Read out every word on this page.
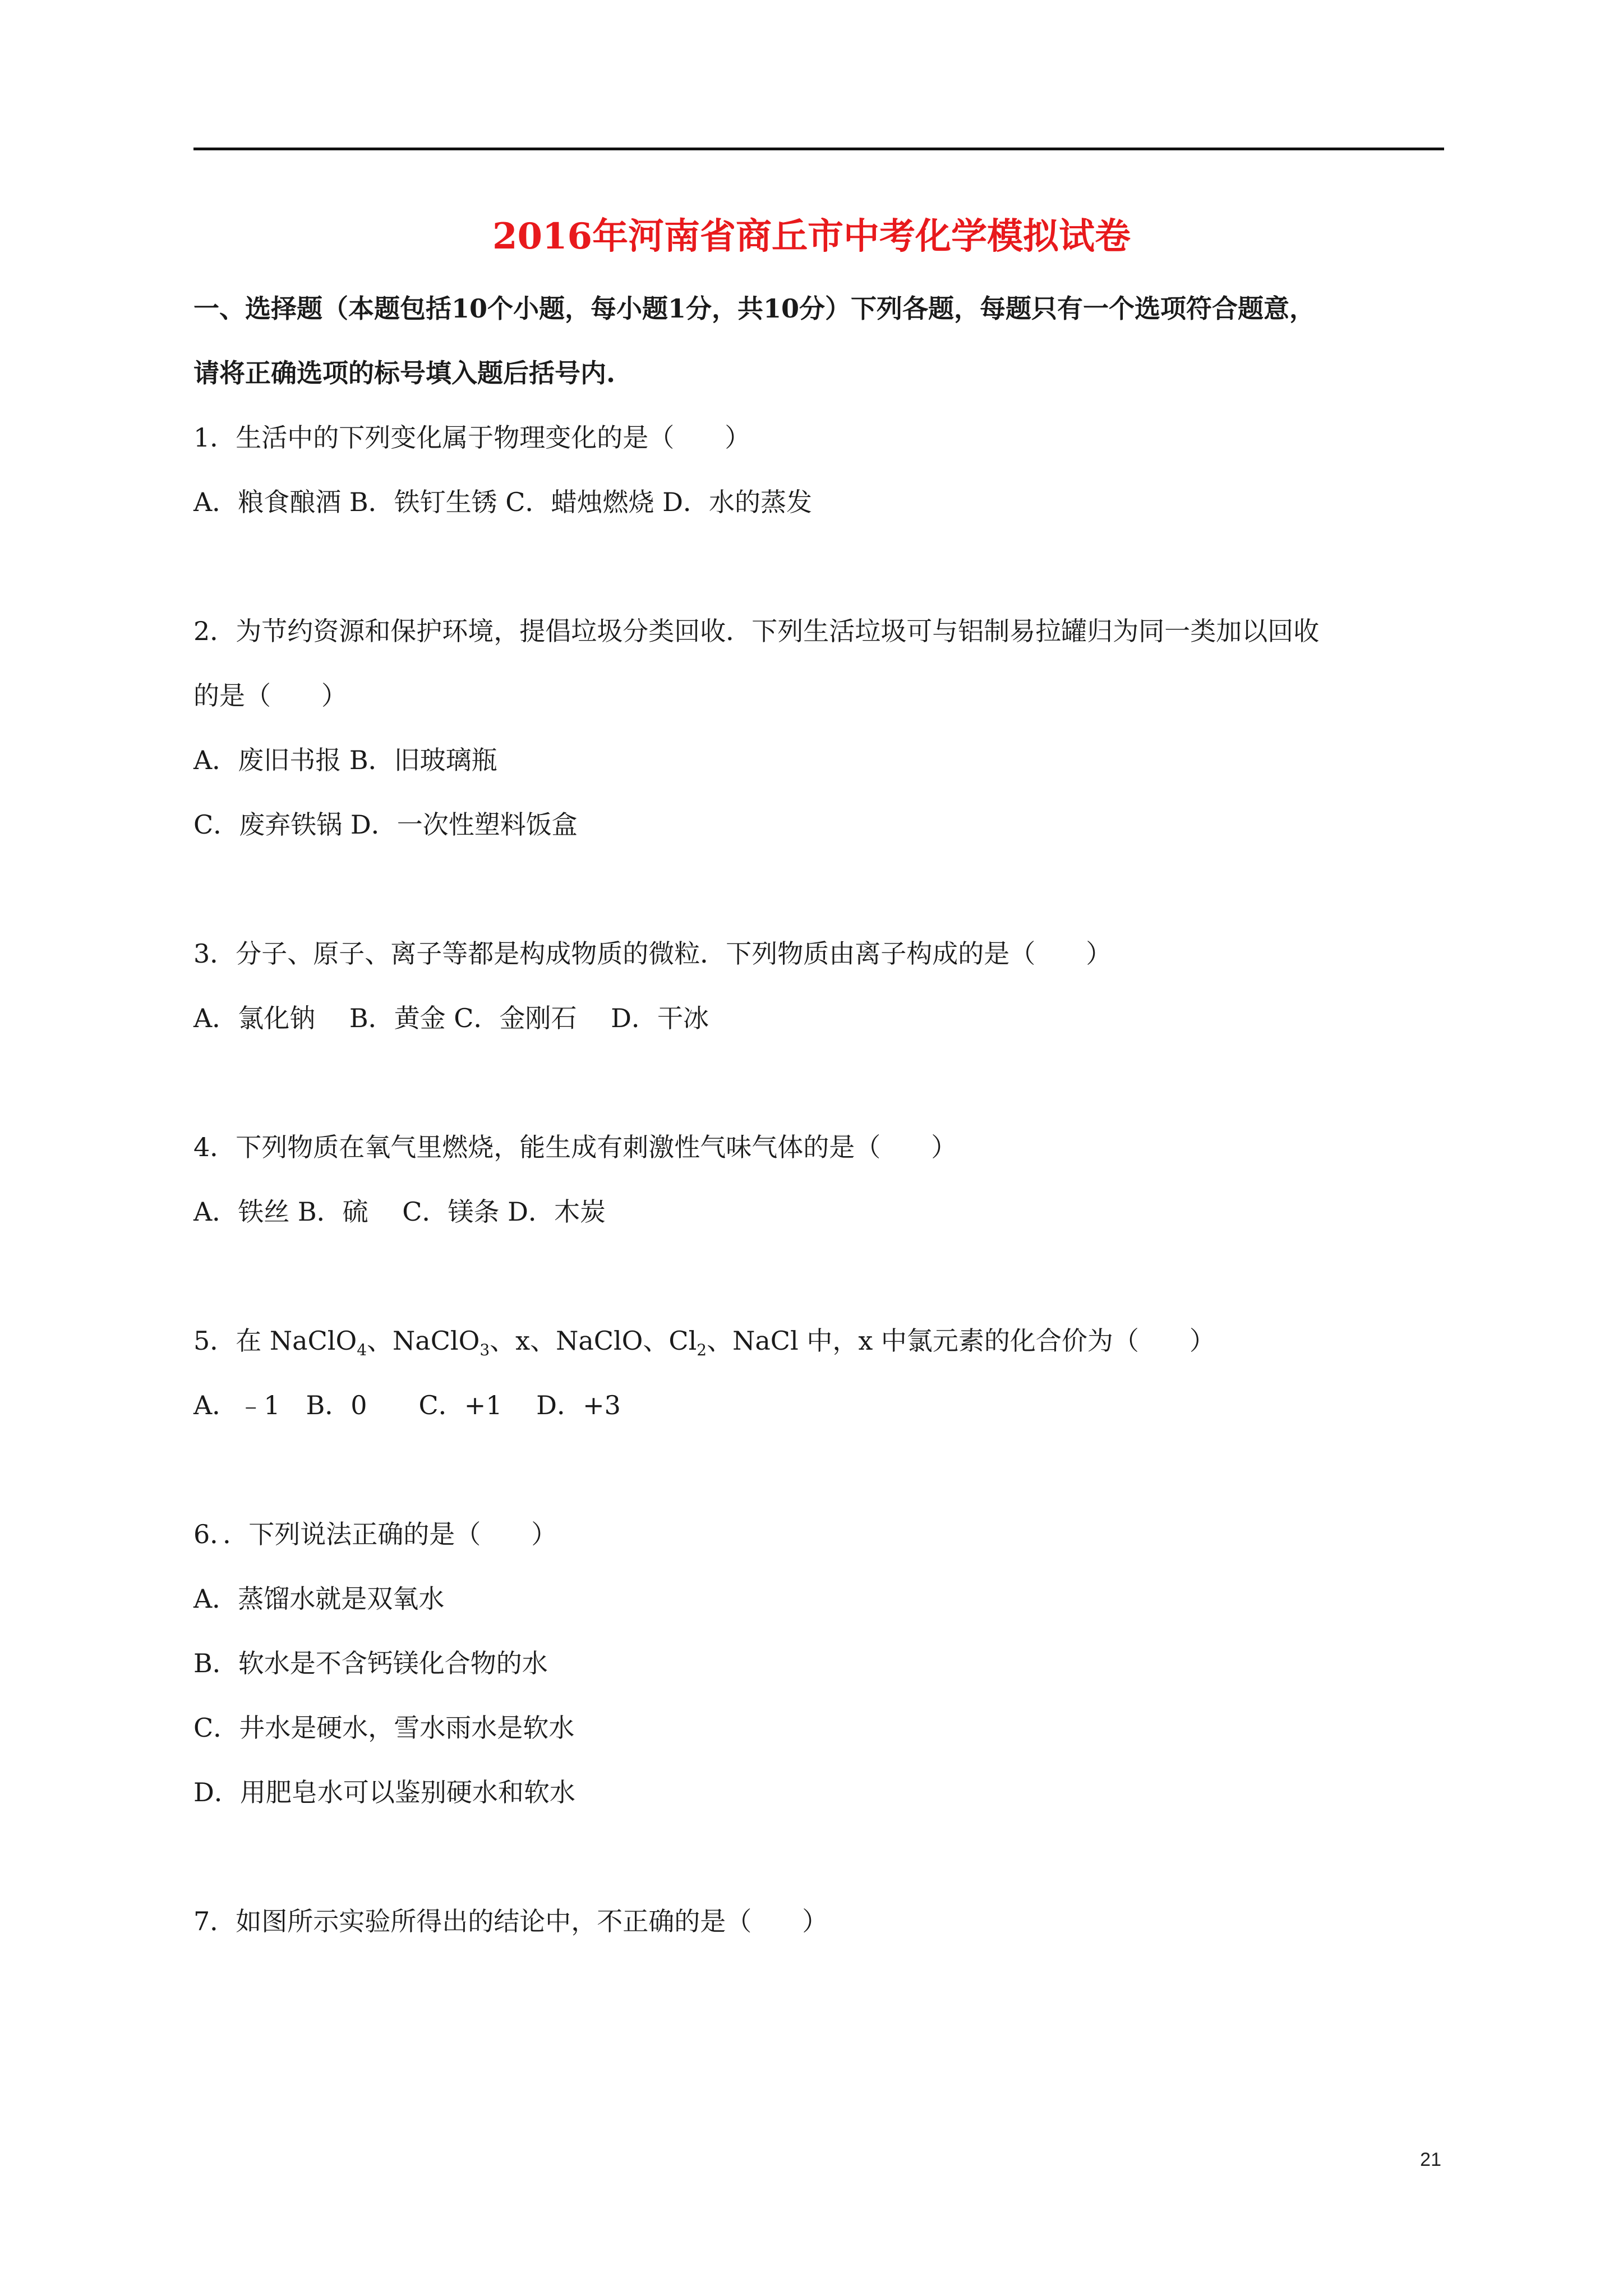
2016年河南省商丘市中考化学模拟试卷
一、选择题（本题包括10个小题，每小题1分，共10分）下列各题，每题只有一个选项符合题意，
请将正确选项的标号填入题后括号内.
1．生活中的下列变化属于物理变化的是（ ）
A．粮食酿酒 B．铁钉生锈 C．蜡烛燃烧 D．水的蒸发
2．为节约资源和保护环境，提倡垃圾分类回收．下列生活垃圾可与铝制易拉罐归为同一类加以回收
的是（ ）
A．废旧书报 B．旧玻璃瓶
C．废弃铁锅 D．一次性塑料饭盒
3．分子、原子、离子等都是构成物质的微粒．下列物质由离子构成的是（ ）
A．氯化钠　 B．黄金 C．金刚石　 D．干冰
4．下列物质在氧气里燃烧，能生成有刺激性气味气体的是（ ）
A．铁丝 B．硫　 C．镁条 D．木炭
5．在 NaClO$_4$、NaClO$_3$、x、NaClO、$Cl_2$、NaCl 中，x 中氯元素的化合价为（ ）
A．﹣1　B．0　　C．+1　 D．+3
6．．下列说法正确的是（ ）
A．蒸馏水就是双氧水
B．软水是不含钙镁化合物的水
C．井水是硬水，雪水雨水是软水
D．用肥皂水可以鉴别硬水和软水
7．如图所示实验所得出的结论中，不正确的是（ ）
21
